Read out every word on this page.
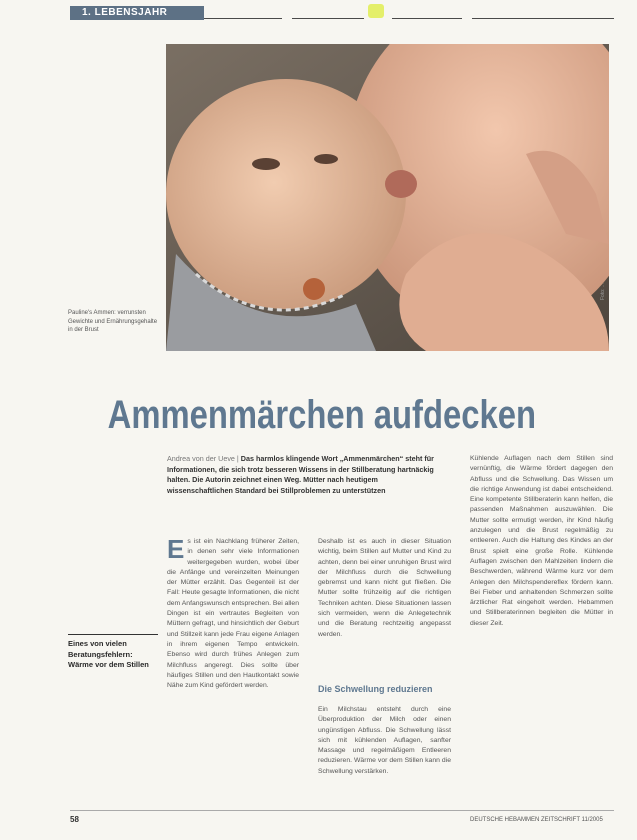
1. LEBENSJAHR
Foto: ...
Pauline's Ammen: verrunsten Gewichte und Ernährungsgehalte in der Brust
Ammenmärchen aufdecken
Andrea von der Ueve | Das harmlos klingende Wort „Ammenmärchen“ steht für Informationen, die sich trotz besseren Wissens in der Stillberatung hartnäckig halten. Die Autorin zeichnet einen Weg. Mütter nach heutigem wissenschaftlichen Standard bei Stillproblemen zu unterstützen
Eines von vielen Beratungsfehlern: Wärme vor dem Stillen
Es ist ein Nachklang früherer Zeiten, in denen sehr viele Informationen weitergegeben wurden, wobei über die Anfänge und vereinzelten Meinungen der Mütter erzählt. Das Gegenteil ist der Fall: Heute gesagte Informationen, die nicht dem Anfangswunsch entsprechen. Bei allen Dingen ist ein vertrautes Begleiten von Müttern gefragt, und hinsichtlich der Geburt und Stillzeit kann jede Frau eigene Anlagen in ihrem eigenen Tempo entwickeln. Ebenso wird durch frühes Anlegen zum Milchfluss angeregt. Dies sollte über häufiges Stillen und den Hautkontakt sowie Nähe zum Kind gefördert werden.
Deshalb ist es auch in dieser Situation wichtig, beim Stillen auf Mutter und Kind zu achten, denn bei einer unruhigen Brust wird der Milchfluss durch die Schwellung gebremst und kann nicht gut fließen. Die Mutter sollte frühzeitig auf die richtigen Techniken achten. Diese Situationen lassen sich vermeiden, wenn die Anlegetechnik und die Beratung rechtzeitig angepasst werden.
Die Schwellung reduzieren
Ein Milchstau entsteht durch eine Überproduktion der Milch oder einen ungünstigen Abfluss. Die Schwellung lässt sich mit kühlenden Auflagen, sanfter Massage und regelmäßigem Entleeren reduzieren. Wärme vor dem Stillen kann die Schwellung verstärken.
Kühlende Auflagen nach dem Stillen sind vernünftig, die Wärme fördert dagegen den Abfluss und die Schwellung. Das Wissen um die richtige Anwendung ist dabei entscheidend. Eine kompetente Stillberaterin kann helfen, die passenden Maßnahmen auszuwählen. Die Mutter sollte ermutigt werden, ihr Kind häufig anzulegen und die Brust regelmäßig zu entleeren. Auch die Haltung des Kindes an der Brust spielt eine große Rolle. Kühlende Auflagen zwischen den Mahlzeiten lindern die Beschwerden, während Wärme kurz vor dem Anlegen den Milchspendereflex fördern kann. Bei Fieber und anhaltenden Schmerzen sollte ärztlicher Rat eingeholt werden. Hebammen und Stillberaterinnen begleiten die Mütter in dieser Zeit.
58	DEUTSCHE HEBAMMEN ZEITSCHRIFT 11/2005
